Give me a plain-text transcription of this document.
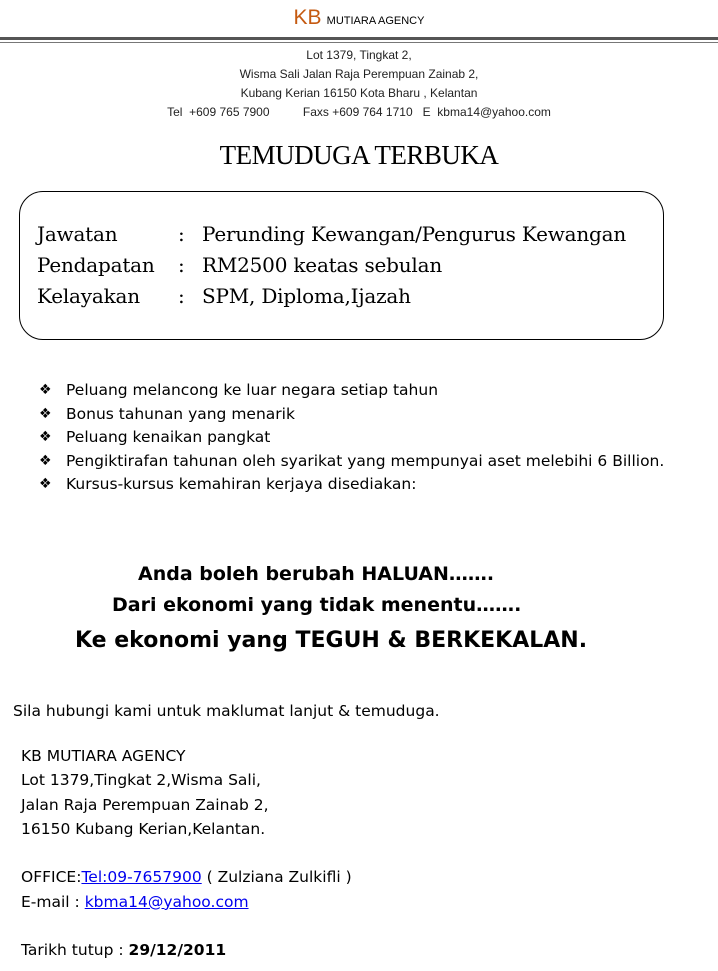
KB MUTIARA AGENCY
Lot 1379, Tingkat 2,
Wisma Sali Jalan Raja Perempuan Zainab 2,
Kubang Kerian 16150 Kota Bharu , Kelantan
Tel  +609 765 7900          Faxs +609 764 1710   E  kbma14@yahoo.com
TEMUDUGA TERBUKA
Jawatan	: Perunding Kewangan/Pengurus Kewangan
Pendapatan : RM2500 keatas sebulan
Kelayakan : SPM, Diploma,Ijazah
❖ Peluang melancong ke luar negara setiap tahun
❖ Bonus tahunan yang menarik
❖ Peluang kenaikan pangkat
❖ Pengiktirafan tahunan oleh syarikat yang mempunyai aset melebihi 6 Billion.
❖ Kursus-kursus kemahiran kerjaya disediakan:
Anda boleh berubah HALUAN…….
Dari ekonomi yang tidak menentu…….
Ke ekonomi yang TEGUH & BERKEKALAN.
Sila hubungi kami untuk maklumat lanjut & temuduga.
KB MUTIARA AGENCY
Lot 1379,Tingkat 2,Wisma Sali,
Jalan Raja Perempuan Zainab 2,
16150 Kubang Kerian,Kelantan.
OFFICE:Tel:09-7657900 ( Zulziana Zulkifli )
E-mail : kbma14@yahoo.com
Tarikh tutup : 29/12/2011
